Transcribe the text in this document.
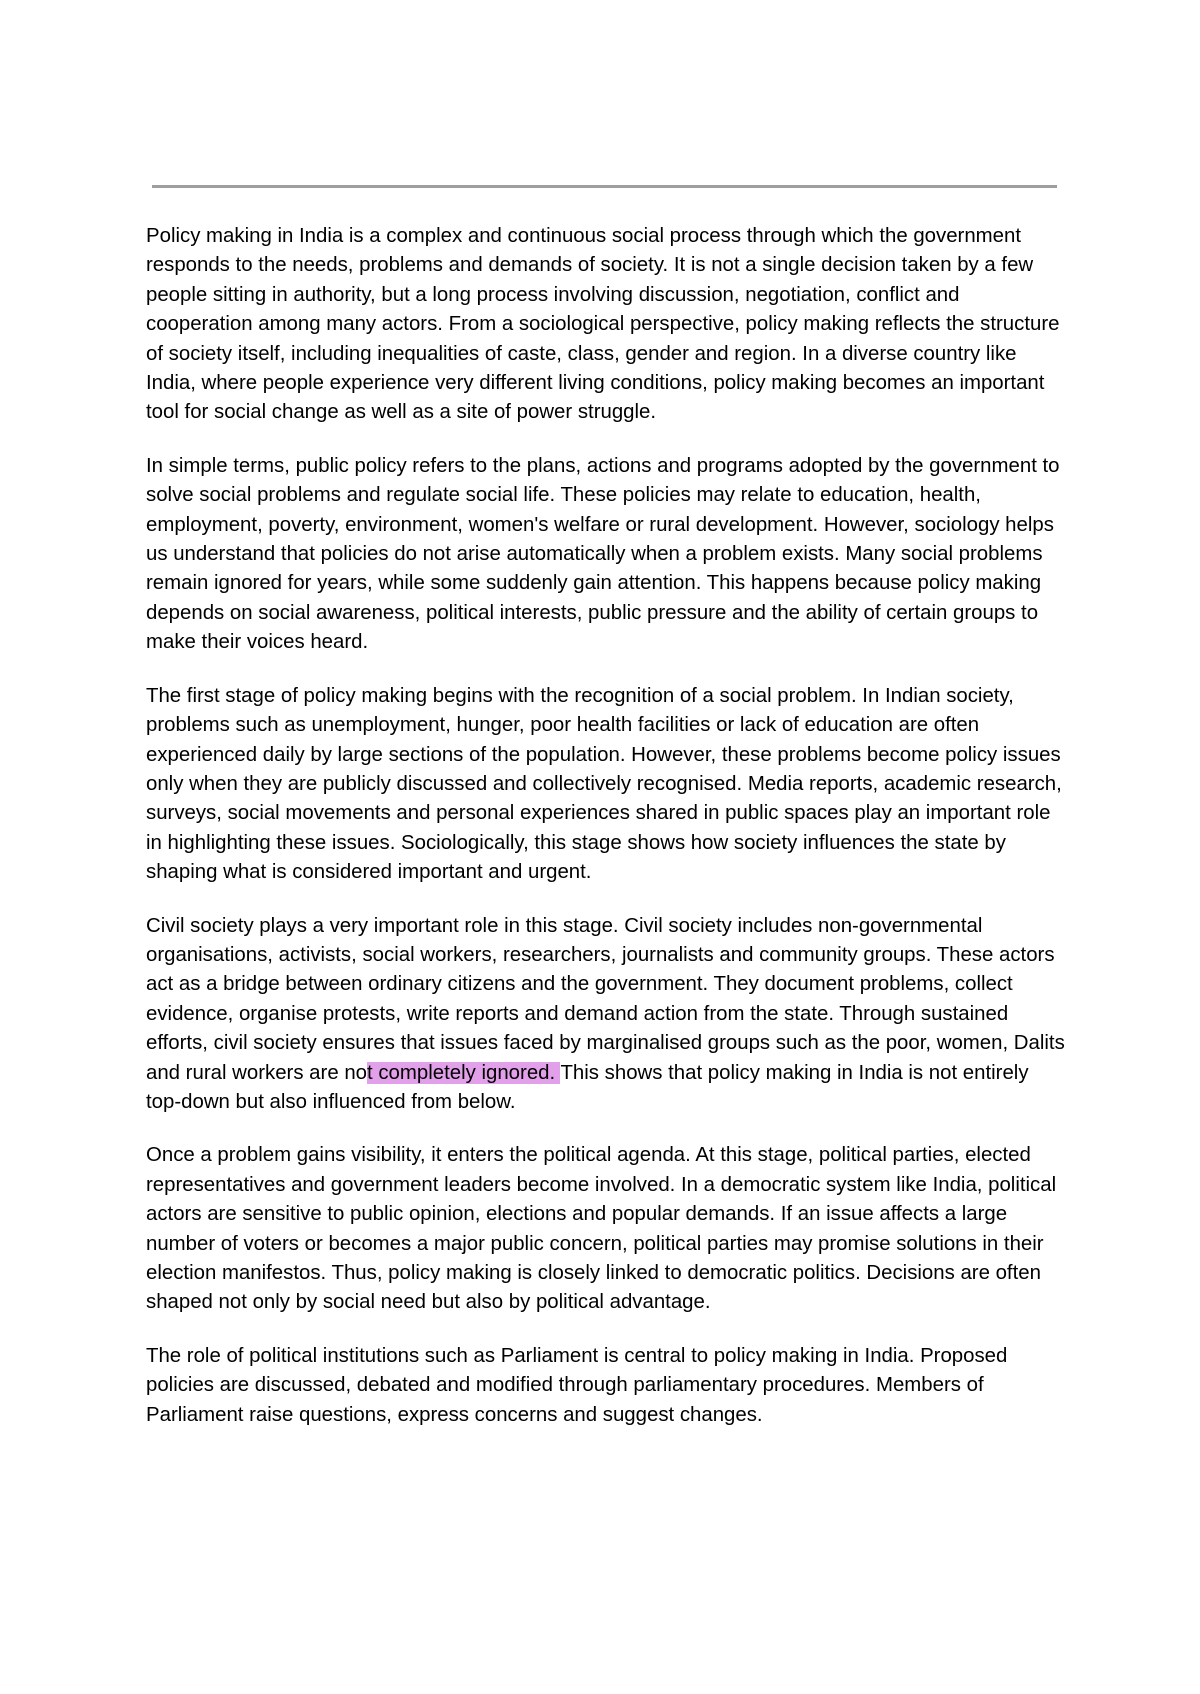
Policy making in India is a complex and continuous social process through which the government responds to the needs, problems and demands of society. It is not a single decision taken by a few people sitting in authority, but a long process involving discussion, negotiation, conflict and cooperation among many actors. From a sociological perspective, policy making reflects the structure of society itself, including inequalities of caste, class, gender and region. In a diverse country like India, where people experience very different living conditions, policy making becomes an important tool for social change as well as a site of power struggle.

In simple terms, public policy refers to the plans, actions and programs adopted by the government to solve social problems and regulate social life. These policies may relate to education, health, employment, poverty, environment, women's welfare or rural development. However, sociology helps us understand that policies do not arise automatically when a problem exists. Many social problems remain ignored for years, while some suddenly gain attention. This happens because policy making depends on social awareness, political interests, public pressure and the ability of certain groups to make their voices heard.

The first stage of policy making begins with the recognition of a social problem. In Indian society, problems such as unemployment, hunger, poor health facilities or lack of education are often experienced daily by large sections of the population. However, these problems become policy issues only when they are publicly discussed and collectively recognised. Media reports, academic research, surveys, social movements and personal experiences shared in public spaces play an important role in highlighting these issues. Sociologically, this stage shows how society influences the state by shaping what is considered important and urgent.

Civil society plays a very important role in this stage. Civil society includes non-governmental organisations, activists, social workers, researchers, journalists and community groups. These actors act as a bridge between ordinary citizens and the government. They document problems, collect evidence, organise protests, write reports and demand action from the state. Through sustained efforts, civil society ensures that issues faced by marginalised groups such as the poor, women, Dalits and rural workers are not completely ignored. This shows that policy making in India is not entirely top-down but also influenced from below.

Once a problem gains visibility, it enters the political agenda. At this stage, political parties, elected representatives and government leaders become involved. In a democratic system like India, political actors are sensitive to public opinion, elections and popular demands. If an issue affects a large number of voters or becomes a major public concern, political parties may promise solutions in their election manifestos. Thus, policy making is closely linked to democratic politics. Decisions are often shaped not only by social need but also by political advantage.

The role of political institutions such as Parliament is central to policy making in India. Proposed policies are discussed, debated and modified through parliamentary procedures. Members of Parliament raise questions, express concerns and suggest changes.
